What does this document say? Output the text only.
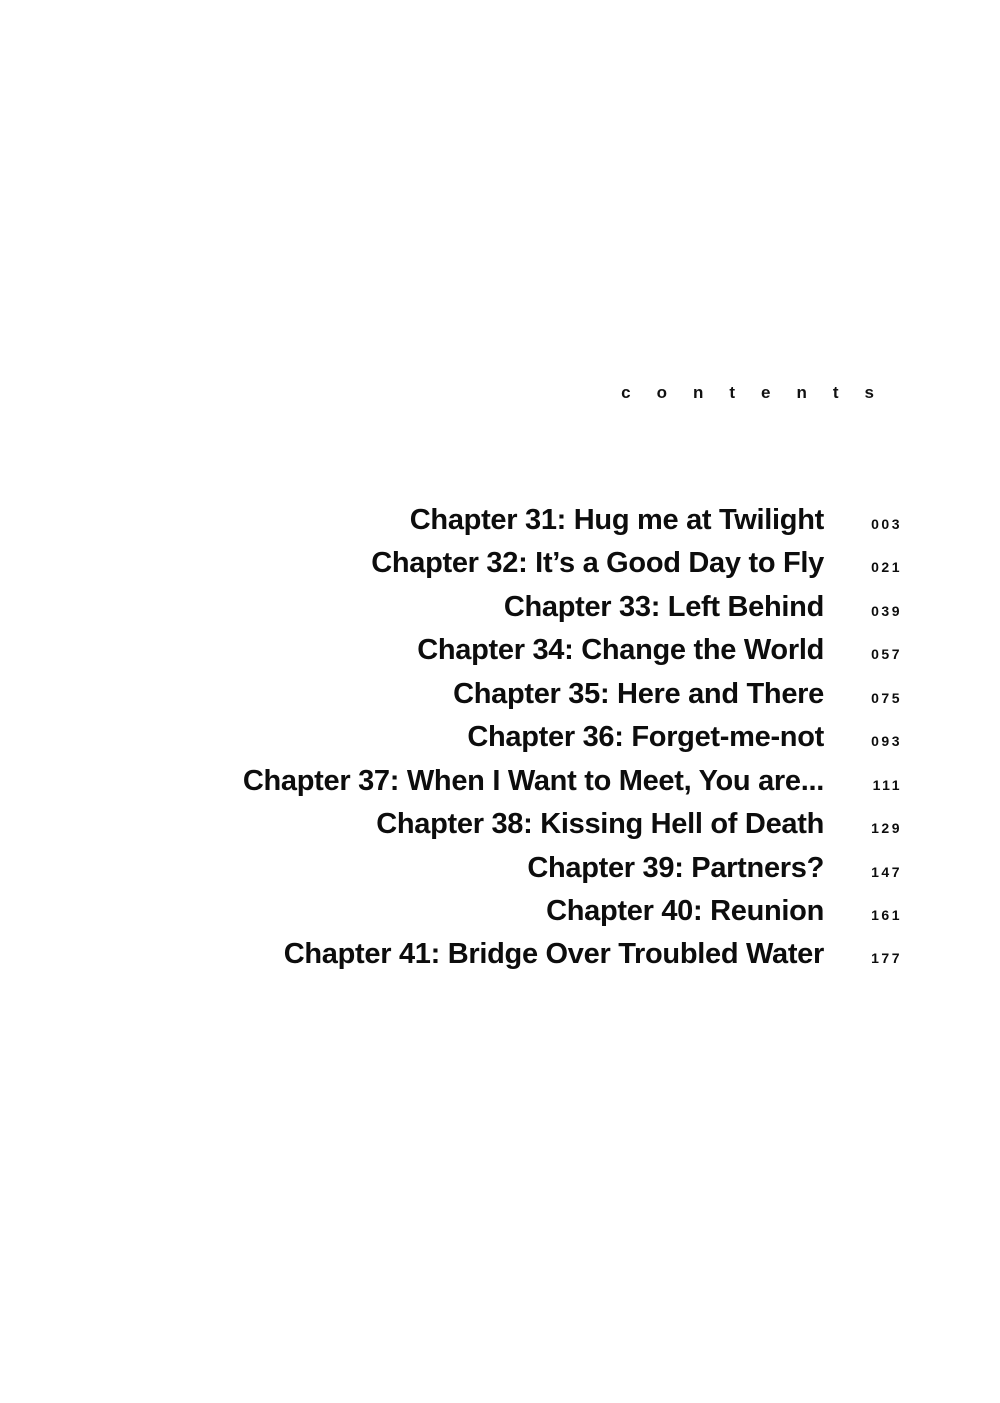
contents
Chapter 31: Hug me at Twilight	003
Chapter 32: It’s a Good Day to Fly	021
Chapter 33: Left Behind	039
Chapter 34: Change the World	057
Chapter 35: Here and There	075
Chapter 36: Forget-me-not	093
Chapter 37: When I Want to Meet, You are...	111
Chapter 38: Kissing Hell of Death	129
Chapter 39: Partners?	147
Chapter 40: Reunion	161
Chapter 41: Bridge Over Troubled Water	177
